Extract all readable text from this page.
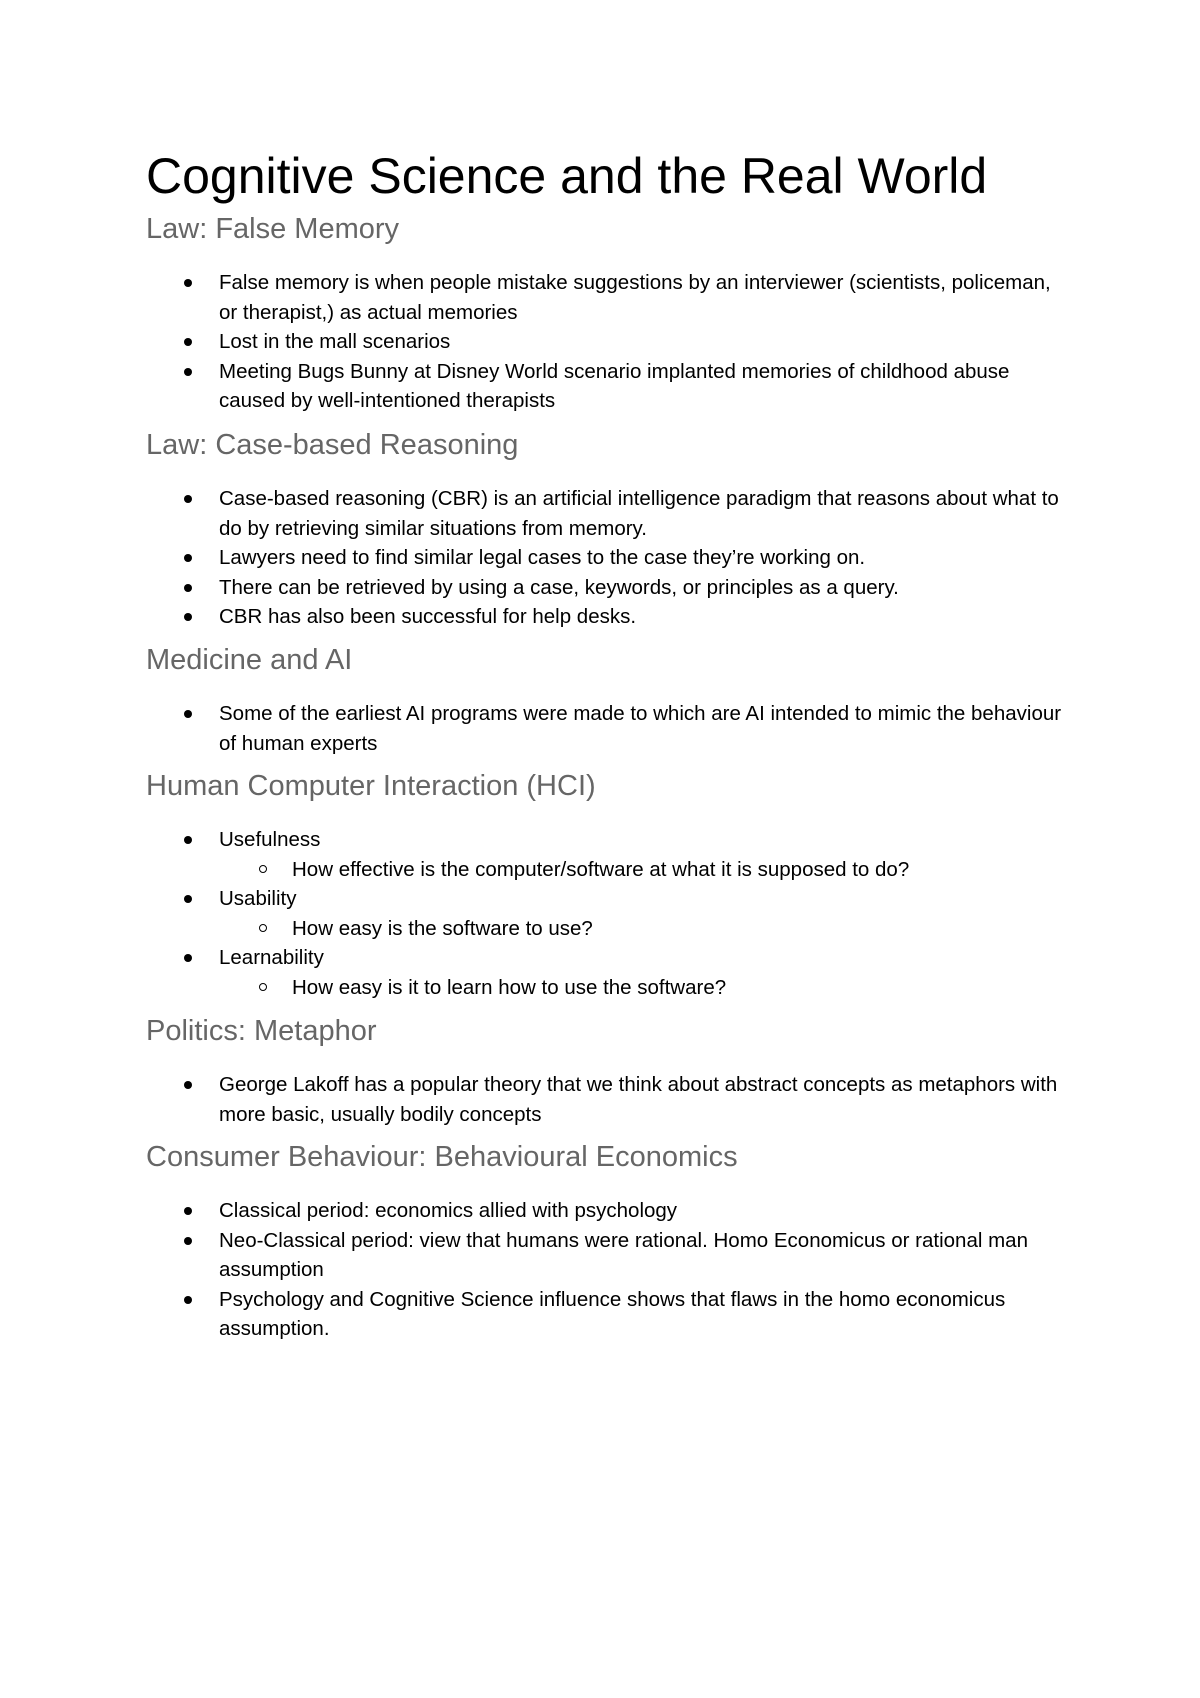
Cognitive Science and the Real World
Law: False Memory
False memory is when people mistake suggestions by an interviewer (scientists, policeman, or therapist,) as actual memories
Lost in the mall scenarios
Meeting Bugs Bunny at Disney World scenario implanted memories of childhood abuse caused by well-intentioned therapists
Law: Case-based Reasoning
Case-based reasoning (CBR) is an artificial intelligence paradigm that reasons about what to do by retrieving similar situations from memory.
Lawyers need to find similar legal cases to the case they’re working on.
There can be retrieved by using a case, keywords, or principles as a query.
CBR has also been successful for help desks.
Medicine and AI
Some of the earliest AI programs were made to which are AI intended to mimic the behaviour of human experts
Human Computer Interaction (HCI)
Usefulness
How effective is the computer/software at what it is supposed to do?
Usability
How easy is the software to use?
Learnability
How easy is it to learn how to use the software?
Politics: Metaphor
George Lakoff has a popular theory that we think about abstract concepts as metaphors with more basic, usually bodily concepts
Consumer Behaviour: Behavioural Economics
Classical period: economics allied with psychology
Neo-Classical period: view that humans were rational. Homo Economicus or rational man assumption
Psychology and Cognitive Science influence shows that flaws in the homo economicus assumption.
